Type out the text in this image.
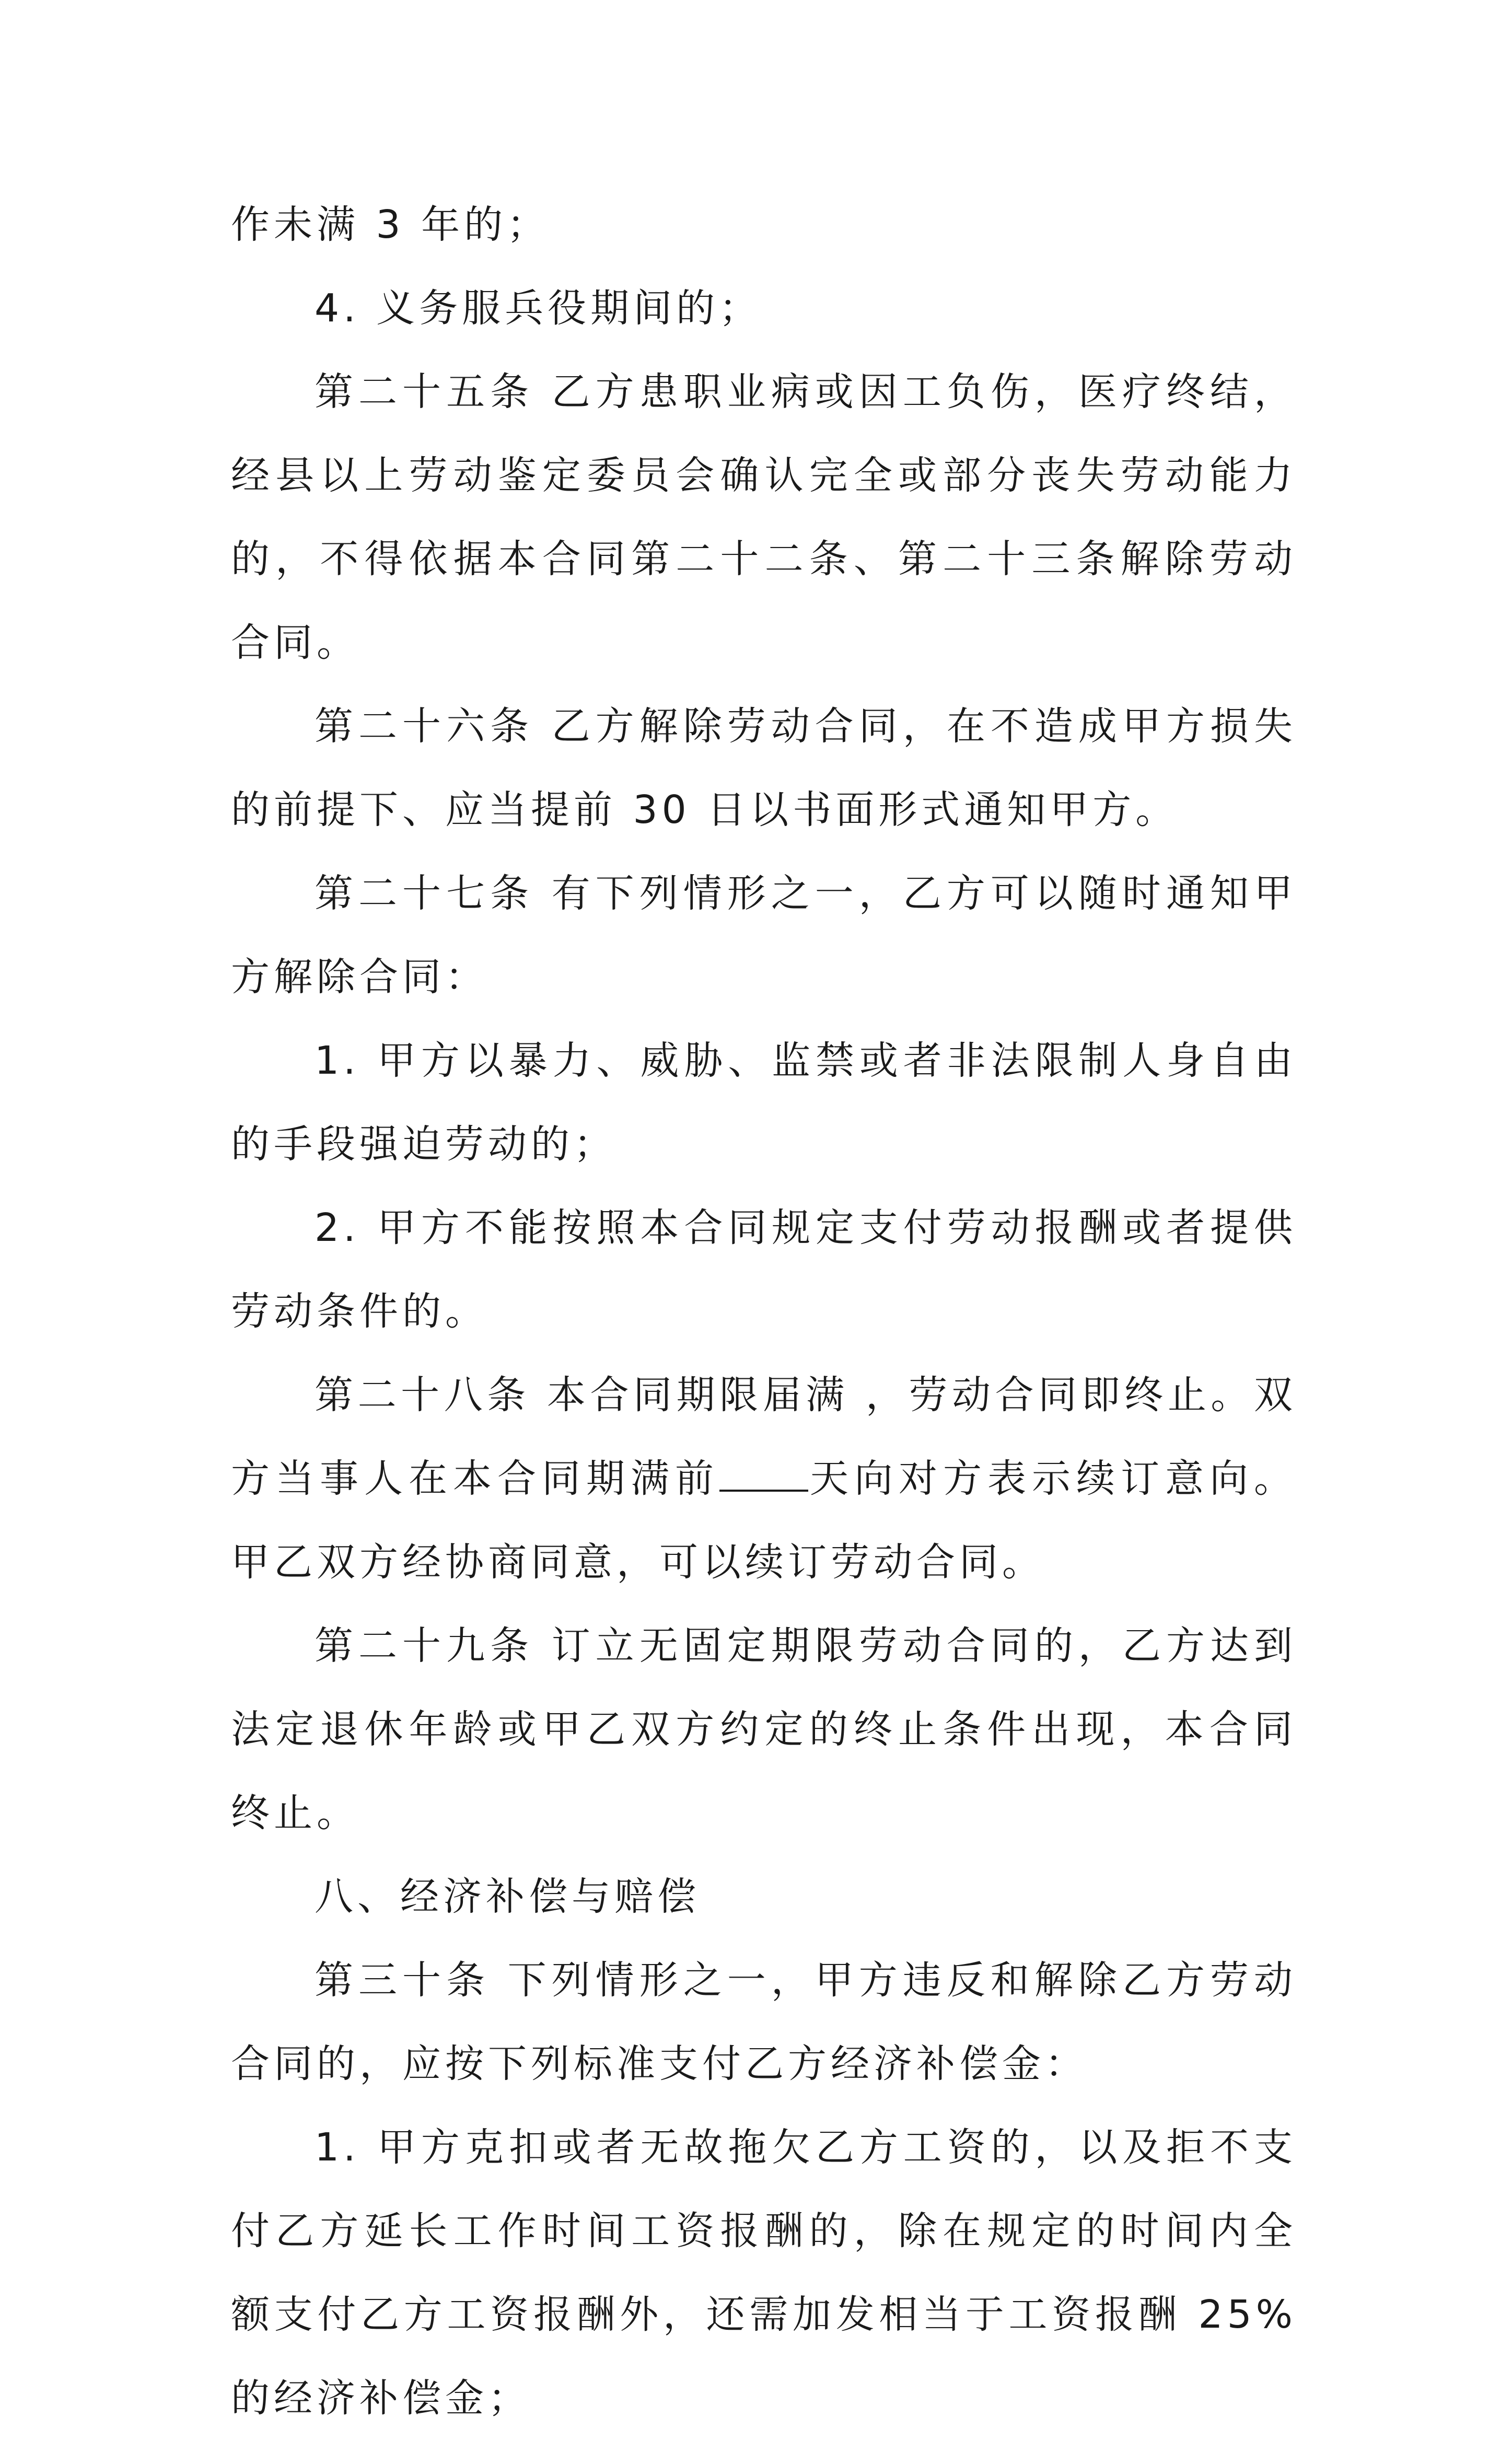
作未满 3 年的；

4. 义务服兵役期间的；

第二十五条 乙方患职业病或因工负伤，医疗终结，经县以上劳动鉴定委员会确认完全或部分丧失劳动能力的，不得依据本合同第二十二条、第二十三条解除劳动合同。

第二十六条 乙方解除劳动合同，在不造成甲方损失的前提下、应当提前 30 日以书面形式通知甲方。

第二十七条 有下列情形之一，乙方可以随时通知甲方解除合同：

1. 甲方以暴力、威胁、监禁或者非法限制人身自由的手段强迫劳动的；

2. 甲方不能按照本合同规定支付劳动报酬或者提供劳动条件的。

第二十八条 本合同期限届满 ，劳动合同即终止。双方当事人在本合同期满前 天向对方表示续订意向。甲乙双方经协商同意，可以续订劳动合同。

第二十九条 订立无固定期限劳动合同的，乙方达到法定退休年龄或甲乙双方约定的终止条件出现，本合同终止。

八、经济补偿与赔偿

第三十条 下列情形之一，甲方违反和解除乙方劳动合同的，应按下列标准支付乙方经济补偿金：

1. 甲方克扣或者无故拖欠乙方工资的，以及拒不支付乙方延长工作时间工资报酬的，除在规定的时间内全额支付乙方工资报酬外，还需加发相当于工资报酬 25%的经济补偿金；
